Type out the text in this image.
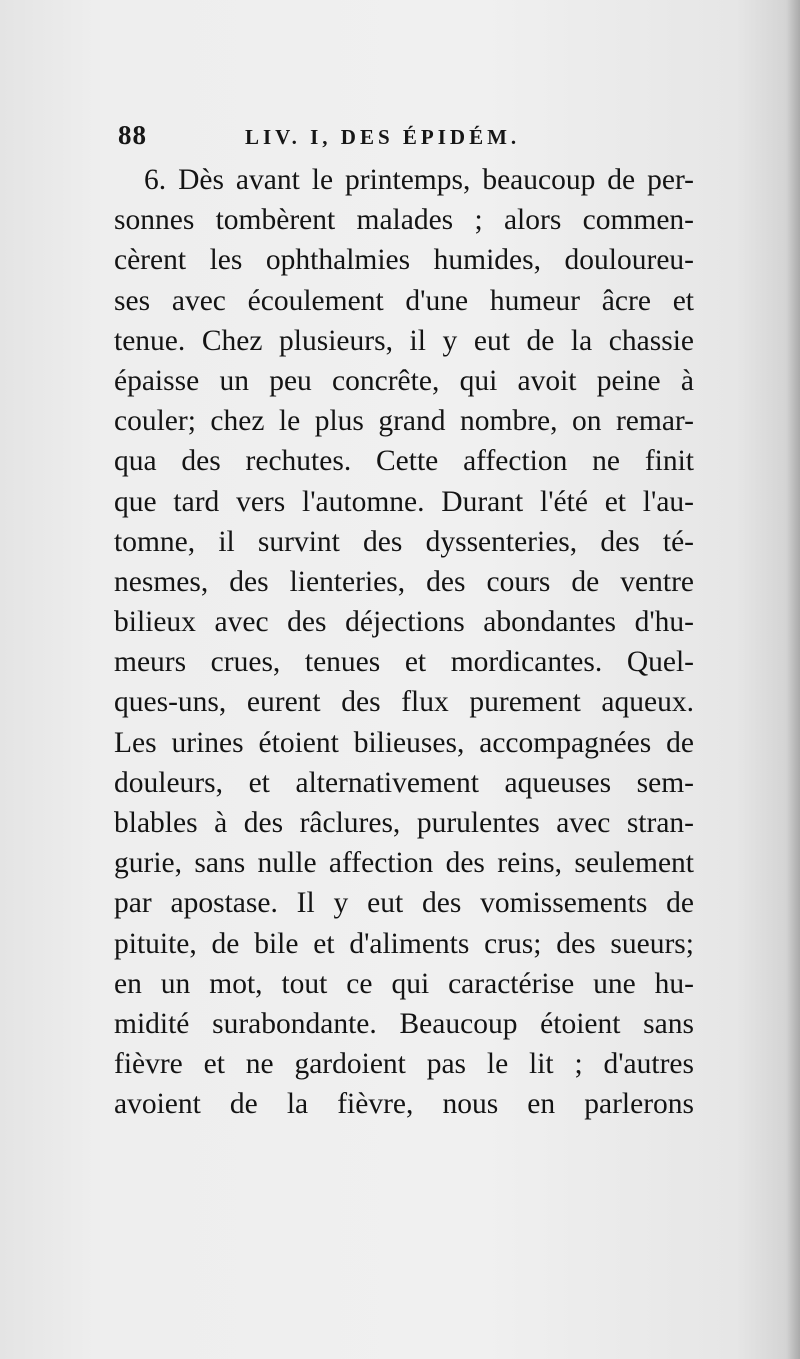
88	LIV. I, DES ÉPIDÉM.
6. Dès avant le printemps, beaucoup de per-
sonnes tombèrent malades ; alors commen-
cèrent les ophthalmies humides, douloureu-
ses avec écoulement d'une humeur âcre et
tenue. Chez plusieurs, il y eut de la chassie
épaisse un peu concrête, qui avoit peine à
couler; chez le plus grand nombre, on remar-
qua des rechutes. Cette affection ne finit
que tard vers l'automne. Durant l'été et l'au-
tomne, il survint des dyssenteries, des té-
nesmes, des lienteries, des cours de ventre
bilieux avec des déjections abondantes d'hu-
meurs crues, tenues et mordicantes. Quel-
ques-uns, eurent des flux purement aqueux.
Les urines étoient bilieuses, accompagnées de
douleurs, et alternativement aqueuses sem-
blables à des râclures, purulentes avec stran-
gurie, sans nulle affection des reins, seulement
par apostase. Il y eut des vomissements de
pituite, de bile et d'aliments crus; des sueurs;
en un mot, tout ce qui caractérise une hu-
midité surabondante. Beaucoup étoient sans
fièvre et ne gardoient pas le lit ; d'autres
avoient de la fièvre, nous en parlerons
